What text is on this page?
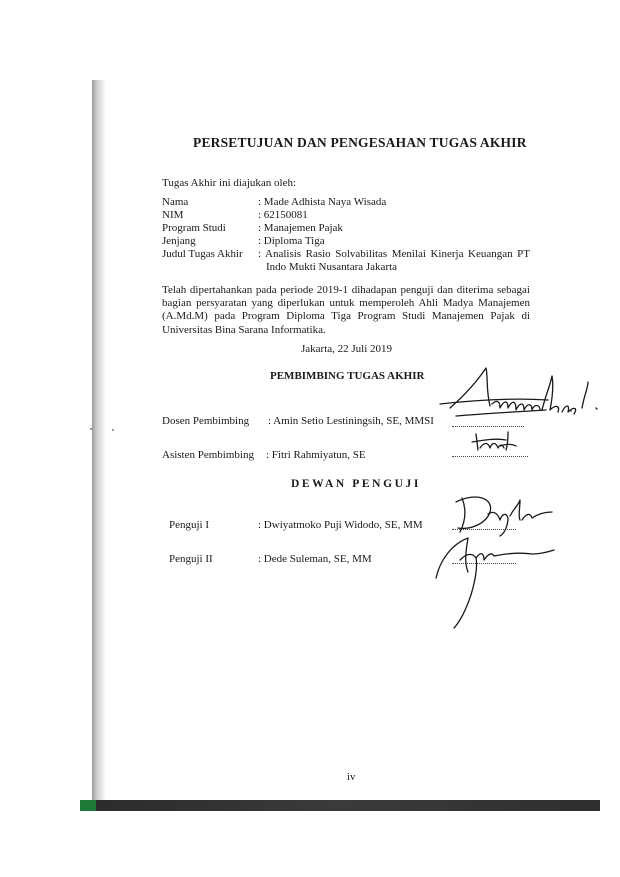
PERSETUJUAN DAN PENGESAHAN TUGAS AKHIR
Tugas Akhir ini diajukan oleh:
Nama	: Made Adhista Naya Wisada
NIM	: 62150081
Program Studi	: Manajemen Pajak
Jenjang	: Diploma Tiga
Judul Tugas Akhir : Analisis Rasio Solvabilitas Menilai Kinerja Keuangan PT
Indo Mukti Nusantara Jakarta
Telah dipertahankan pada periode 2019-1 dihadapan penguji dan diterima sebagai bagian persyaratan yang diperlukan untuk memperoleh Ahli Madya Manajemen (A.Md.M) pada Program Diploma Tiga Program Studi Manajemen Pajak di Universitas Bina Sarana Informatika.
Jakarta, 22 Juli 2019
PEMBIMBING TUGAS AKHIR
Dosen Pembimbing : Amin Setio Lestiningsih, SE, MMSI
Asisten Pembimbing : Fitri Rahmiyatun, SE
DEWAN PENGUJI
Penguji I	: Dwiyatmoko Puji Widodo, SE, MM
Penguji II	: Dede Suleman, SE, MM
iv
